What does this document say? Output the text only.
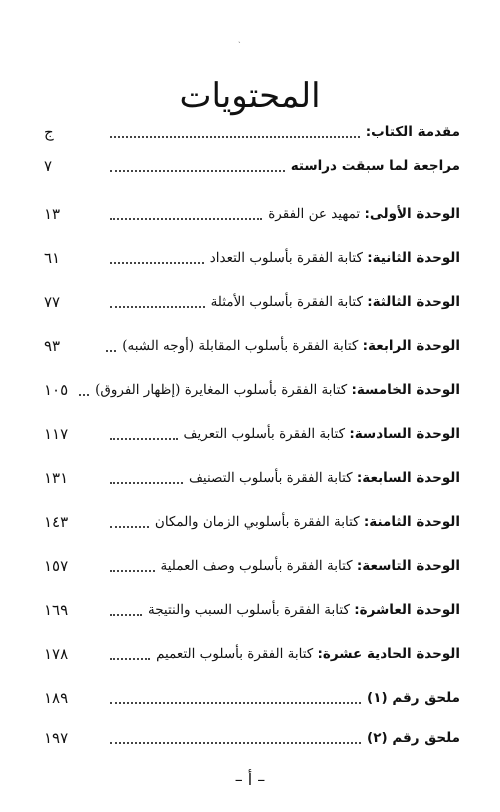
ˎ
المحتويات
مقدمة الكتاب:
ج
مراجعة لما سبقت دراسته
٧
الوحدة الأولى: تمهيد عن الفقرة
١٣
الوحدة الثانية: كتابة الفقرة بأسلوب التعداد
٦١
الوحدة الثالثة: كتابة الفقرة بأسلوب الأمثلة
٧٧
الوحدة الرابعة: كتابة الفقرة بأسلوب المقابلة (أوجه الشبه)
٩٣
الوحدة الخامسة: كتابة الفقرة بأسلوب المغايرة (إظهار الفروق)
١٠٥
الوحدة السادسة: كتابة الفقرة بأسلوب التعريف
١١٧
الوحدة السابعة: كتابة الفقرة بأسلوب التصنيف
١٣١
الوحدة الثامنة: كتابة الفقرة بأسلوبي الزمان والمكان
١٤٣
الوحدة التاسعة: كتابة الفقرة بأسلوب وصف العملية
١٥٧
الوحدة العاشرة: كتابة الفقرة بأسلوب السبب والنتيجة
١٦٩
الوحدة الحادية عشرة: كتابة الفقرة بأسلوب التعميم
١٧٨
ملحق رقم (١)
١٨٩
ملحق رقم (٢)
١٩٧
– أ –
